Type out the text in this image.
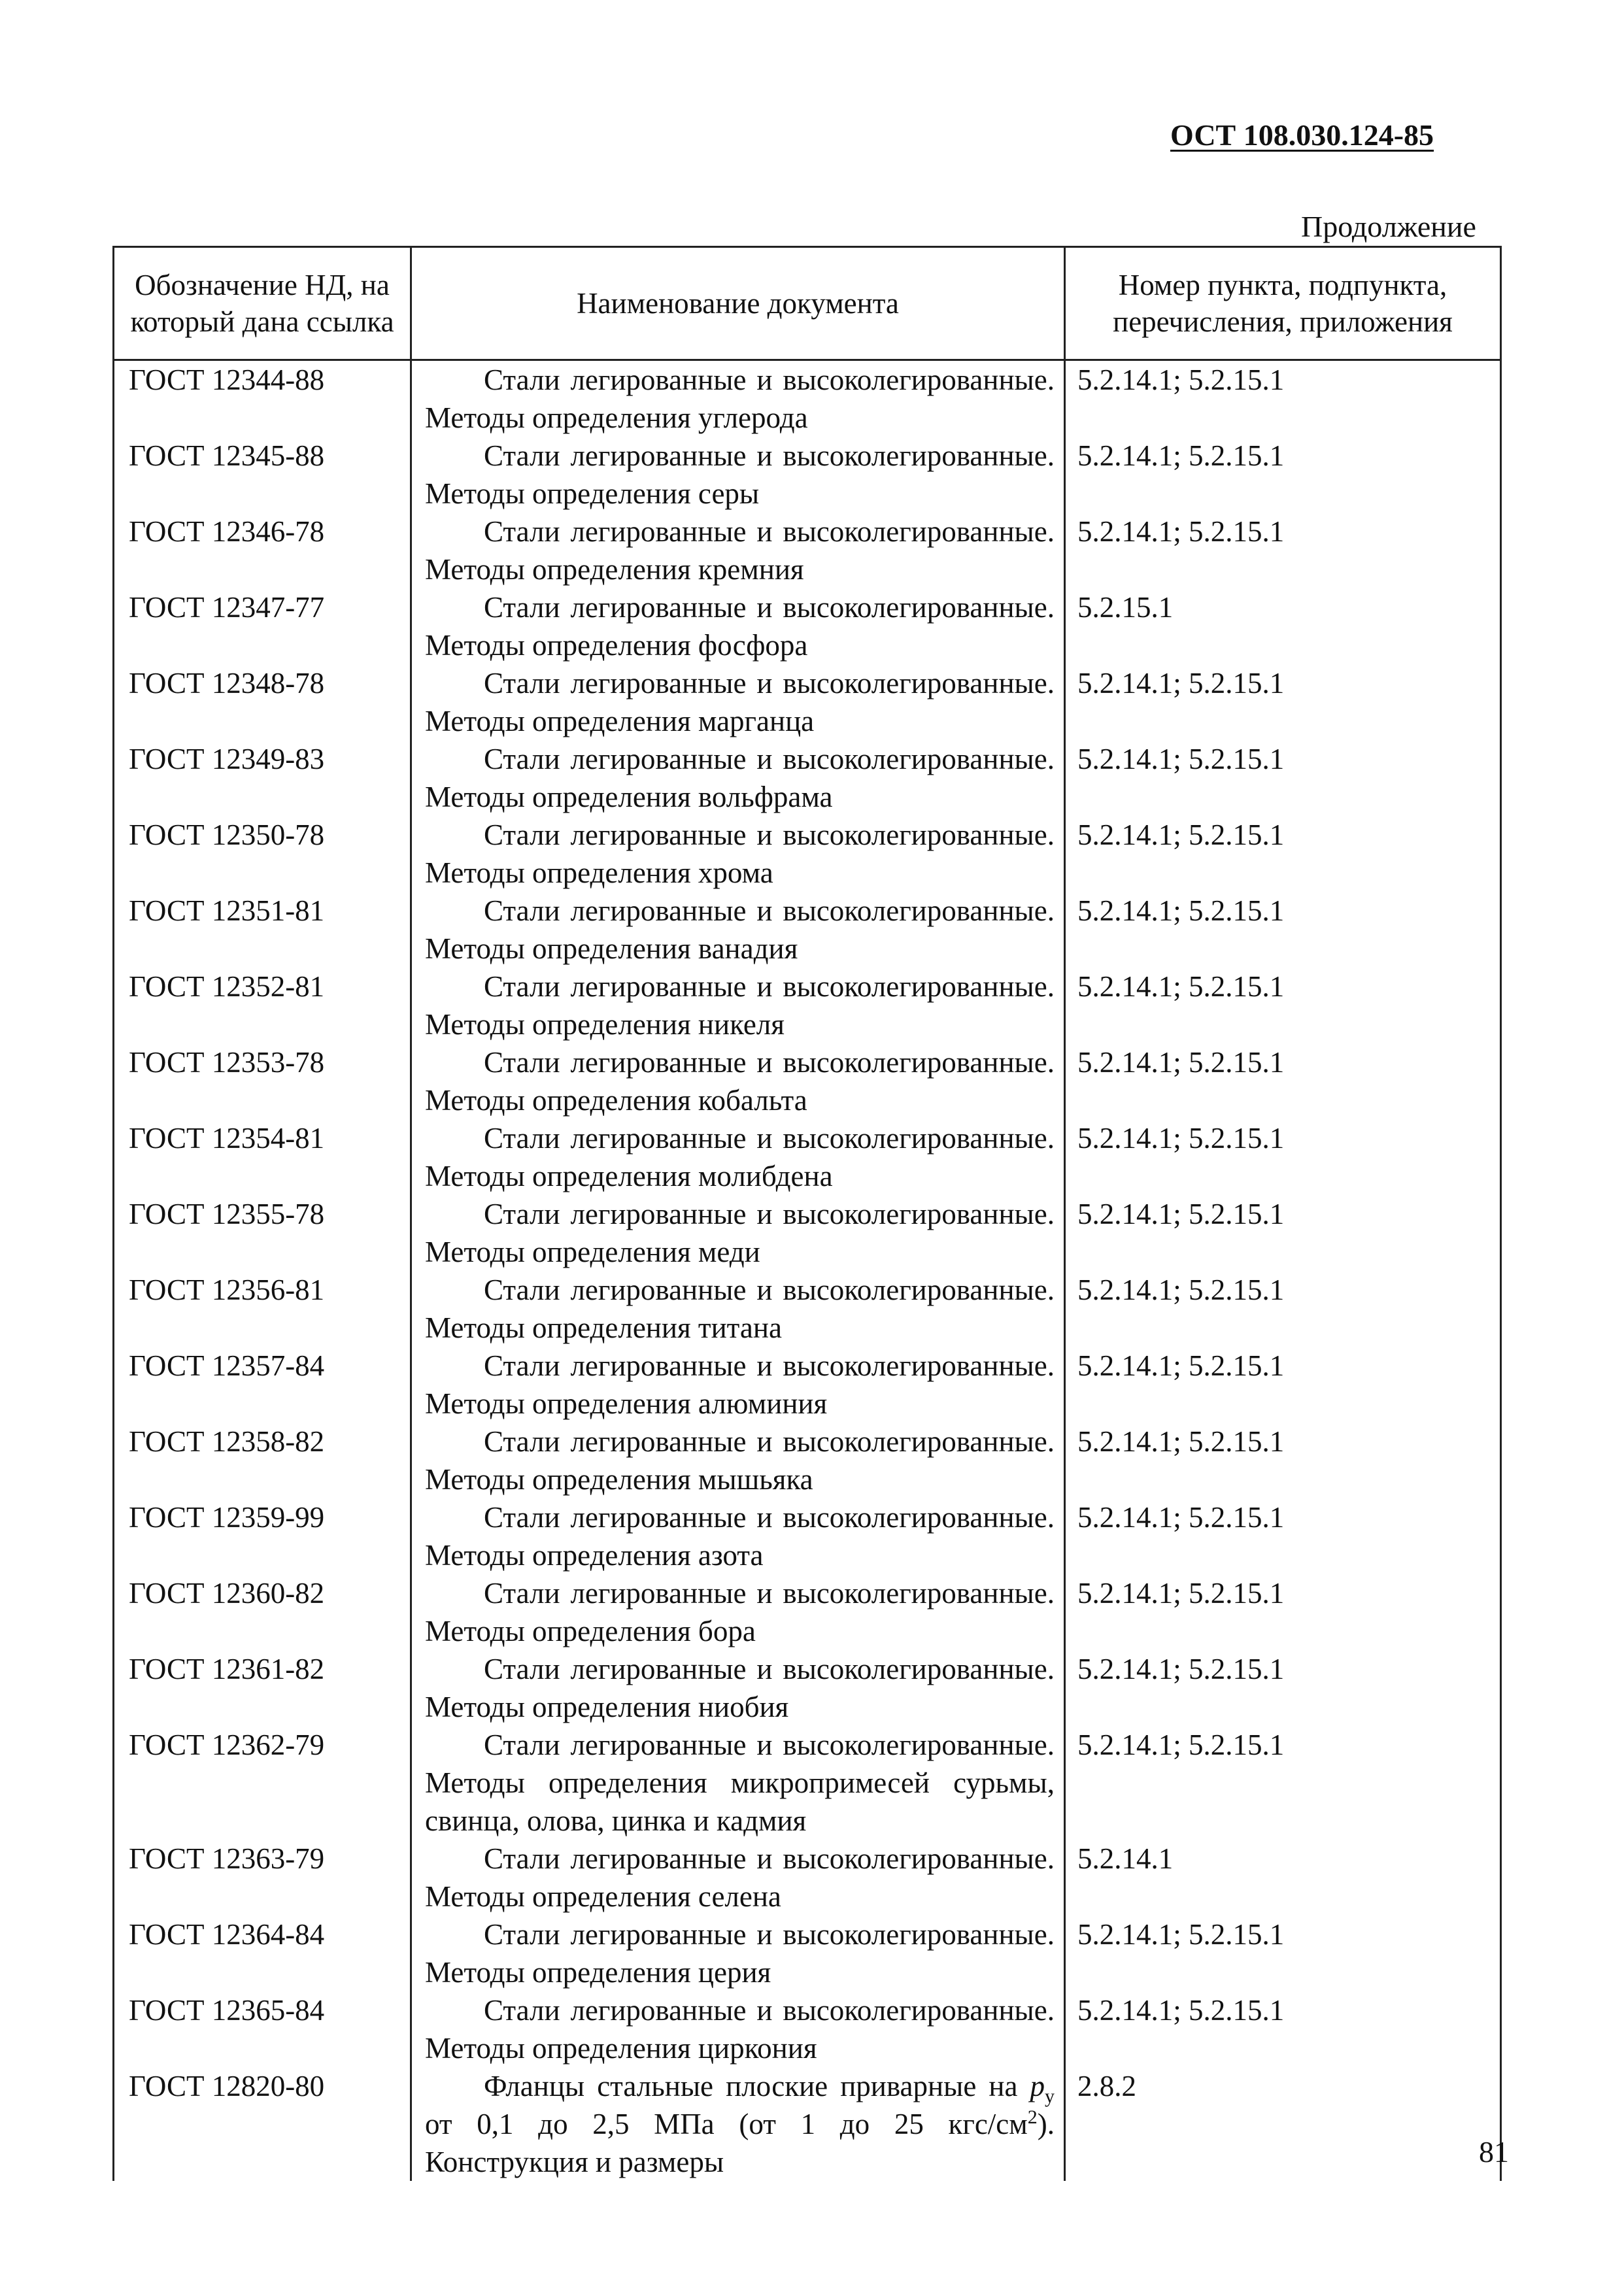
ОСТ 108.030.124-85
Продолжение
Обозначение НД, на который дана ссылка	Наименование документа	Номер пункта, подпункта, перечисления, приложения
ГОСТ 12344-88	Стали легированные и высоколегированные. Методы определения углерода	5.2.14.1; 5.2.15.1
ГОСТ 12345-88	Стали легированные и высоколегированные. Методы определения серы	5.2.14.1; 5.2.15.1
ГОСТ 12346-78	Стали легированные и высоколегированные. Методы определения кремния	5.2.14.1; 5.2.15.1
ГОСТ 12347-77	Стали легированные и высоколегированные. Методы определения фосфора	5.2.15.1
ГОСТ 12348-78	Стали легированные и высоколегированные. Методы определения марганца	5.2.14.1; 5.2.15.1
ГОСТ 12349-83	Стали легированные и высоколегированные. Методы определения вольфрама	5.2.14.1; 5.2.15.1
ГОСТ 12350-78	Стали легированные и высоколегированные. Методы определения хрома	5.2.14.1; 5.2.15.1
ГОСТ 12351-81	Стали легированные и высоколегированные. Методы определения ванадия	5.2.14.1; 5.2.15.1
ГОСТ 12352-81	Стали легированные и высоколегированные. Методы определения никеля	5.2.14.1; 5.2.15.1
ГОСТ 12353-78	Стали легированные и высоколегированные. Методы определения кобальта	5.2.14.1; 5.2.15.1
ГОСТ 12354-81	Стали легированные и высоколегированные. Методы определения молибдена	5.2.14.1; 5.2.15.1
ГОСТ 12355-78	Стали легированные и высоколегированные. Методы определения меди	5.2.14.1; 5.2.15.1
ГОСТ 12356-81	Стали легированные и высоколегированные. Методы определения титана	5.2.14.1; 5.2.15.1
ГОСТ 12357-84	Стали легированные и высоколегированные. Методы определения алюминия	5.2.14.1; 5.2.15.1
ГОСТ 12358-82	Стали легированные и высоколегированные. Методы определения мышьяка	5.2.14.1; 5.2.15.1
ГОСТ 12359-99	Стали легированные и высоколегированные. Методы определения азота	5.2.14.1; 5.2.15.1
ГОСТ 12360-82	Стали легированные и высоколегированные. Методы определения бора	5.2.14.1; 5.2.15.1
ГОСТ 12361-82	Стали легированные и высоколегированные. Методы определения ниобия	5.2.14.1; 5.2.15.1
ГОСТ 12362-79	Стали легированные и высоколегированные. Методы определения микропримесей сурьмы, свинца, олова, цинка и кадмия	5.2.14.1; 5.2.15.1
ГОСТ 12363-79	Стали легированные и высоколегированные. Методы определения селена	5.2.14.1
ГОСТ 12364-84	Стали легированные и высоколегированные. Методы определения церия	5.2.14.1; 5.2.15.1
ГОСТ 12365-84	Стали легированные и высоколегированные. Методы определения циркония	5.2.14.1; 5.2.15.1
ГОСТ 12820-80	Фланцы стальные плоские приварные на $p_у$ от 0,1 до 2,5 МПа (от 1 до 25 кгс/$см^2$). Конструкция и размеры	2.8.2
81
